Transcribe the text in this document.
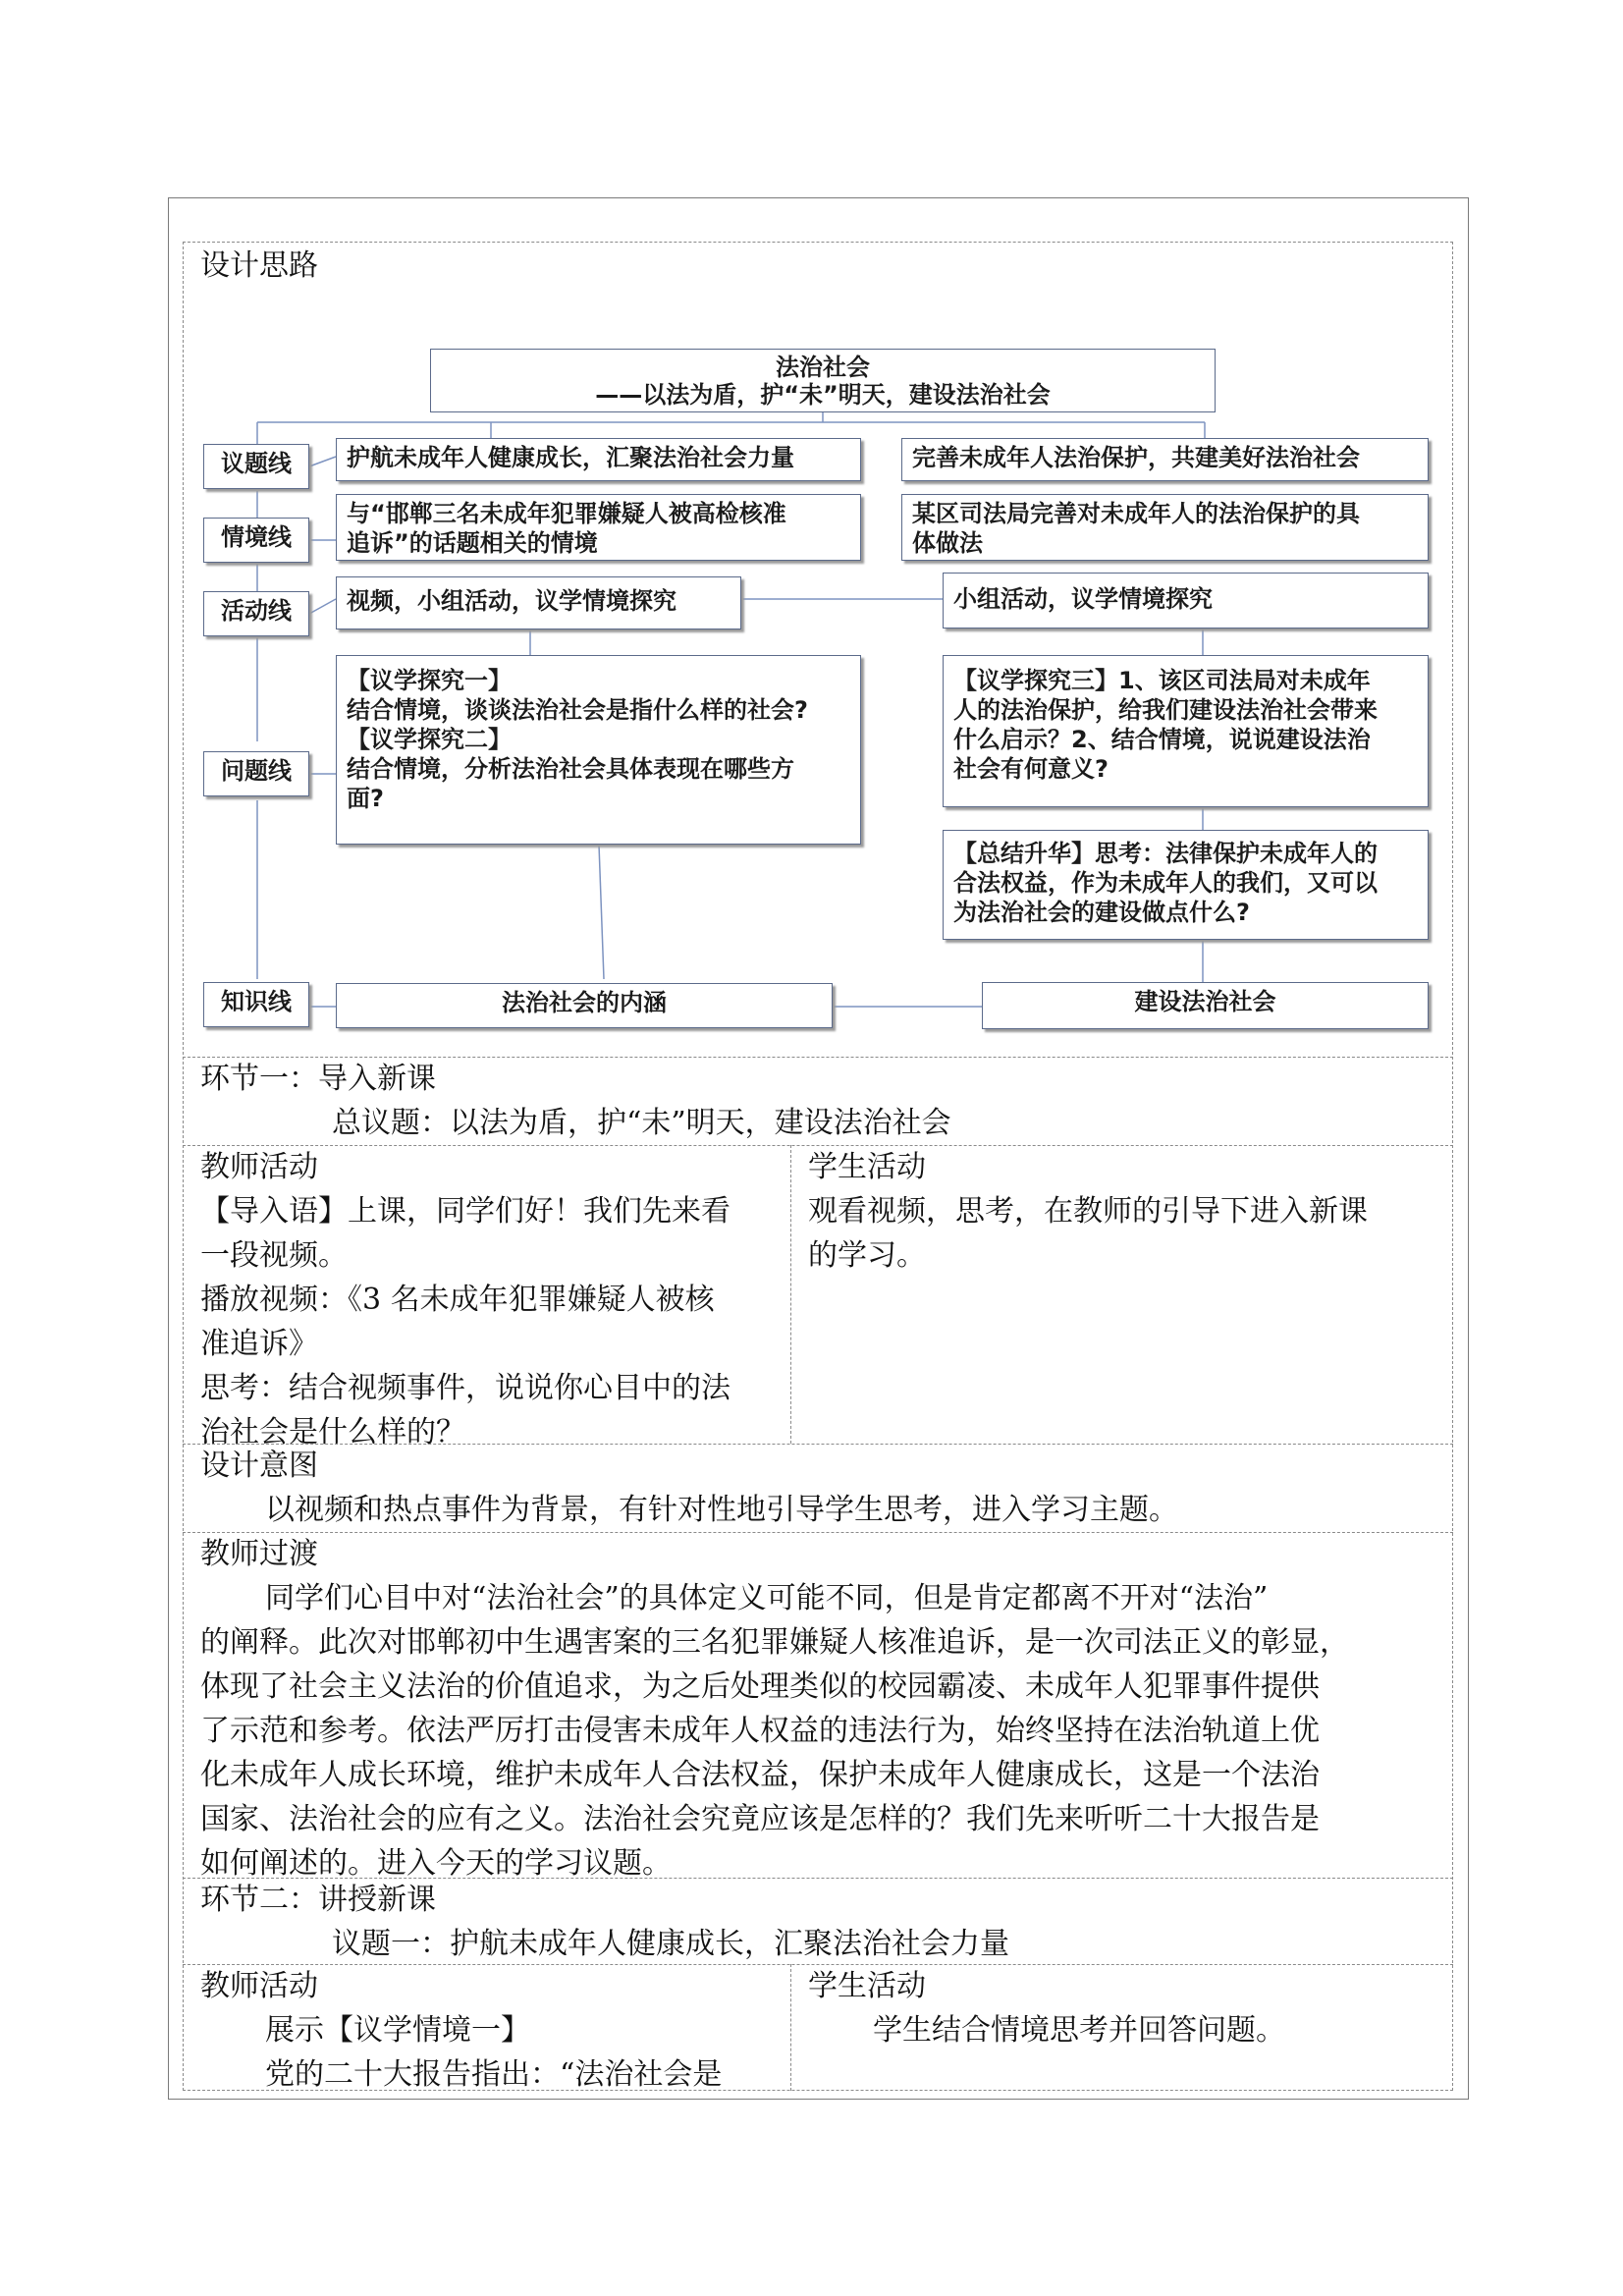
设计思路
法治社会
——以法为盾，护“未”明天，建设法治社会
议题线
情境线
活动线
问题线
知识线
护航未成年人健康成长，汇聚法治社会力量
与“邯郸三名未成年犯罪嫌疑人被高检核准
追诉”的话题相关的情境
视频，小组活动，议学情境探究
【议学探究一】
结合情境，谈谈法治社会是指什么样的社会?
【议学探究二】
结合情境，分析法治社会具体表现在哪些方
面?
法治社会的内涵
完善未成年人法治保护，共建美好法治社会
某区司法局完善对未成年人的法治保护的具
体做法
小组活动，议学情境探究
【议学探究三】1、该区司法局对未成年
人的法治保护，给我们建设法治社会带来
什么启示？2、结合情境，说说建设法治
社会有何意义?
【总结升华】思考：法律保护未成年人的
合法权益，作为未成年人的我们，又可以
为法治社会的建设做点什么?
建设法治社会
环节一：导入新课
总议题：以法为盾，护“未”明天，建设法治社会
教师活动
【导入语】上课，同学们好！我们先来看
一段视频。
播放视频：《3 名未成年犯罪嫌疑人被核
准追诉》
思考：结合视频事件，说说你心目中的法
治社会是什么样的？
学生活动
观看视频，思考，在教师的引导下进入新课
的学习。
设计意图
以视频和热点事件为背景，有针对性地引导学生思考，进入学习主题。
教师过渡
同学们心目中对“法治社会”的具体定义可能不同，但是肯定都离不开对“法治”
的阐释。此次对邯郸初中生遇害案的三名犯罪嫌疑人核准追诉，是一次司法正义的彰显，
体现了社会主义法治的价值追求，为之后处理类似的校园霸凌、未成年人犯罪事件提供
了示范和参考。依法严厉打击侵害未成年人权益的违法行为，始终坚持在法治轨道上优
化未成年人成长环境，维护未成年人合法权益，保护未成年人健康成长，这是一个法治
国家、法治社会的应有之义。法治社会究竟应该是怎样的？我们先来听听二十大报告是
如何阐述的。进入今天的学习议题。
环节二：讲授新课
议题一：护航未成年人健康成长，汇聚法治社会力量
教师活动
展示【议学情境一】
党的二十大报告指出：“法治社会是
学生活动
学生结合情境思考并回答问题。
